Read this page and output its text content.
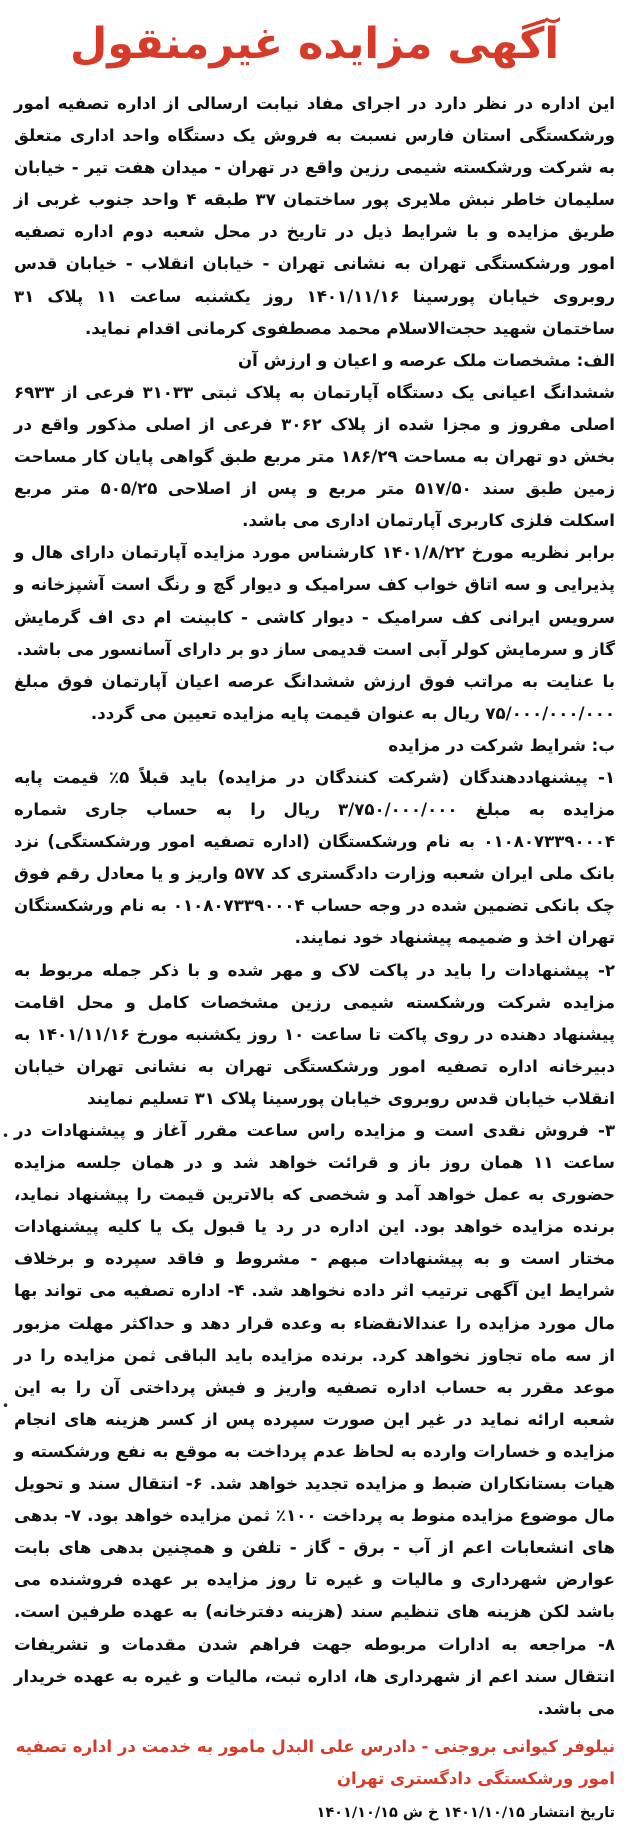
آگهی مزایده غیرمنقول

این اداره در نظر دارد در اجرای مفاد نیابت ارسالی از اداره تصفیه امور ورشکستگی استان فارس نسبت به فروش یک دستگاه واحد اداری متعلق به شرکت ورشکسته شیمی رزین واقع در تهران - میدان هفت تیر - خیابان سلیمان خاطر نبش ملایری پور ساختمان ۳۷ طبقه ۴ واحد جنوب غربی از طریق مزایده و با شرایط ذیل در تاریخ در محل شعبه دوم اداره تصفیه امور ورشکستگی تهران به نشانی تهران - خیابان انقلاب - خیابان قدس روبروی خیابان پورسینا ۱۴۰۱/۱۱/۱۶ روز یکشنبه ساعت ۱۱ پلاک ۳۱ ساختمان شهید حجت‌الاسلام محمد مصطفوی کرمانی اقدام نماید.

الف: مشخصات ملک عرصه و اعیان و ارزش آن

ششدانگ اعیانی یک دستگاه آپارتمان به پلاک ثبتی ۳۱۰۳۳ فرعی از ۶۹۳۳ اصلی مفروز و مجزا شده از پلاک ۳۰۶۲ فرعی از اصلی مذکور واقع در بخش دو تهران به مساحت ۱۸۶/۲۹ متر مربع طبق گواهی پایان کار مساحت زمین طبق سند ۵۱۷/۵۰ متر مربع و پس از اصلاحی ۵۰۵/۲۵ متر مربع اسکلت فلزی کاربری آپارتمان اداری می باشد.

برابر نظریه مورخ ۱۴۰۱/۸/۲۲ کارشناس مورد مزایده آپارتمان دارای هال و پذیرایی و سه اتاق خواب کف سرامیک و دیوار گچ و رنگ است آشپزخانه و سرویس ایرانی کف سرامیک - دیوار کاشی - کابینت ام دی اف گرمایش گاز و سرمایش کولر آبی است قدیمی ساز دو بر دارای آسانسور می باشد.

با عنایت به مراتب فوق ارزش ششدانگ عرصه اعیان آپارتمان فوق مبلغ ۷۵/۰۰۰/۰۰۰/۰۰۰ ریال به عنوان قیمت پایه مزایده تعیین می گردد.

ب: شرایط شرکت در مزایده

۱- پیشنهاددهندگان (شرکت کنندگان در مزایده) باید قبلاً ۵٪ قیمت پایه مزایده به مبلغ ۳/۷۵۰/۰۰۰/۰۰۰ ریال را به حساب جاری شماره ۰۱۰۸۰۷۳۳۹۰۰۰۴ به نام ورشکستگان (اداره تصفیه امور ورشکستگی) نزد بانک ملی ایران شعبه وزارت دادگستری کد ۵۷۷ واریز و یا معادل رقم فوق چک بانکی تضمین شده در وجه حساب ۰۱۰۸۰۷۳۳۹۰۰۰۴ به نام ورشکستگان تهران اخذ و ضمیمه پیشنهاد خود نمایند.

۲- پیشنهادات را باید در پاکت لاک و مهر شده و با ذکر جمله مربوط به مزایده شرکت ورشکسته شیمی رزین مشخصات کامل و محل اقامت پیشنهاد دهنده در روی پاکت تا ساعت ۱۰ روز یکشنبه مورخ ۱۴۰۱/۱۱/۱۶ به دبیرخانه اداره تصفیه امور ورشکستگی تهران به نشانی تهران خیابان انقلاب خیابان قدس روبروی خیابان پورسینا پلاک ۳۱ تسلیم نمایند

۳- فروش نقدی است و مزایده راس ساعت مقرر آغاز و پیشنهادات در ساعت ۱۱ همان روز باز و قرائت خواهد شد و در همان جلسه مزایده حضوری به عمل خواهد آمد و شخصی که بالاترین قیمت را پیشنهاد نماید، برنده مزایده خواهد بود. این اداره در رد یا قبول یک یا کلیه پیشنهادات مختار است و به پیشنهادات مبهم - مشروط و فاقد سپرده و برخلاف شرایط این آگهی ترتیب اثر داده نخواهد شد. ۴- اداره تصفیه می تواند بها مال مورد مزایده را عندالانقضاء به وعده قرار دهد و حداکثر مهلت مزبور از سه ماه تجاوز نخواهد کرد. برنده مزایده باید الباقی ثمن مزایده را در موعد مقرر به حساب اداره تصفیه واریز و فیش پرداختی آن را به این شعبه ارائه نماید در غیر این صورت سپرده پس از کسر هزینه های انجام مزایده و خسارات وارده به لحاظ عدم پرداخت به موقع به نفع ورشکسته و هیات بستانکاران ضبط و مزایده تجدید خواهد شد. ۶- انتقال سند و تحویل مال موضوع مزایده منوط به پرداخت ۱۰۰٪ ثمن مزایده خواهد بود. ۷- بدهی های انشعابات اعم از آب - برق - گاز - تلفن و همچنین بدهی های بابت عوارض شهرداری و مالیات و غیره تا روز مزایده بر عهده فروشنده می باشد لکن هزینه های تنظیم سند (هزینه دفترخانه) به عهده طرفین است. ۸- مراجعه به ادارات مربوطه جهت فراهم شدن مقدمات و تشریفات انتقال سند اعم از شهرداری ها، اداره ثبت، مالیات و غیره به عهده خریدار می باشد.

نیلوفر کیوانی بروجنی - دادرس علی البدل مامور به خدمت در اداره تصفیه امور ورشکستگی دادگستری تهران

تاریخ انتشار ۱۴۰۱/۱۰/۱۵ خ ش ۱۴۰۱/۱۰/۱۵

•
•
